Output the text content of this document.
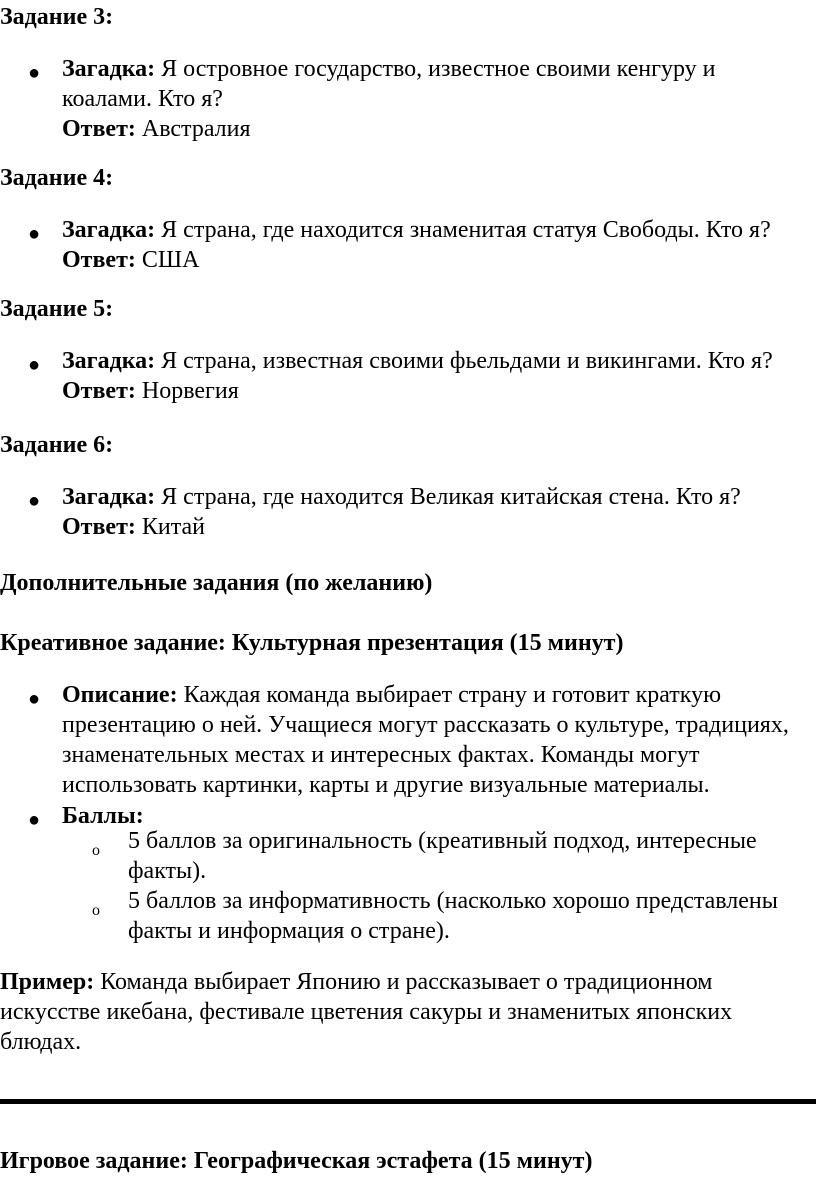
Задание 3:
● Загадка: Я островное государство, известное своими кенгуру и коалами. Кто я?
Ответ: Австралия
Задание 4:
● Загадка: Я страна, где находится знаменитая статуя Свободы. Кто я?
Ответ: США
Задание 5:
● Загадка: Я страна, известная своими фьельдами и викингами. Кто я?
Ответ: Норвегия
Задание 6:
● Загадка: Я страна, где находится Великая китайская стена. Кто я?
Ответ: Китай
Дополнительные задания (по желанию)
Креативное задание: Культурная презентация (15 минут)
● Описание: Каждая команда выбирает страну и готовит краткую презентацию о ней. Учащиеся могут рассказать о культуре, традициях, знаменательных местах и интересных фактах. Команды могут использовать картинки, карты и другие визуальные материалы.
● Баллы:
o 5 баллов за оригинальность (креативный подход, интересные факты).
o 5 баллов за информативность (насколько хорошо представлены факты и информация о стране).
Пример: Команда выбирает Японию и рассказывает о традиционном искусстве икебана, фестивале цветения сакуры и знаменитых японских блюдах.
Игровое задание: Географическая эстафета (15 минут)
